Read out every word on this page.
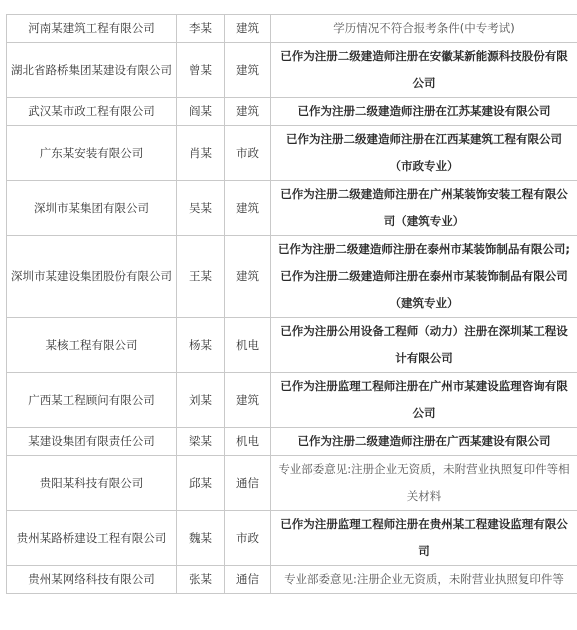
河南某建筑工程有限公司	李某	建筑	学历情况不符合报考条件(中专考试)
湖北省路桥集团某建设有限公司	曾某	建筑	已作为注册二级建造师注册在安徽某新能源科技股份有限公司
武汉某市政工程有限公司	阎某	建筑	已作为注册二级建造师注册在江苏某建设有限公司
广东某安装有限公司	肖某	市政	已作为注册二级建造师注册在江西某建筑工程有限公司（市政专业）
深圳市某集团有限公司	吴某	建筑	已作为注册二级建造师注册在广州某装饰安装工程有限公司（建筑专业）
深圳市某建设集团股份有限公司	王某	建筑	已作为注册二级建造师注册在泰州市某装饰制品有限公司;已作为注册二级建造师注册在泰州市某装饰制品有限公司（建筑专业）
某核工程有限公司	杨某	机电	已作为注册公用设备工程师（动力）注册在深圳某工程设计有限公司
广西某工程顾问有限公司	刘某	建筑	已作为注册监理工程师注册在广州市某建设监理咨询有限公司
某建设集团有限责任公司	梁某	机电	已作为注册二级建造师注册在广西某建设有限公司
贵阳某科技有限公司	邱某	通信	专业部委意见:注册企业无资质，未附营业执照复印件等相关材料
贵州某路桥建设工程有限公司	魏某	市政	已作为注册监理工程师注册在贵州某工程建设监理有限公司
贵州某网络科技有限公司	张某	通信	专业部委意见:注册企业无资质，未附营业执照复印件等
